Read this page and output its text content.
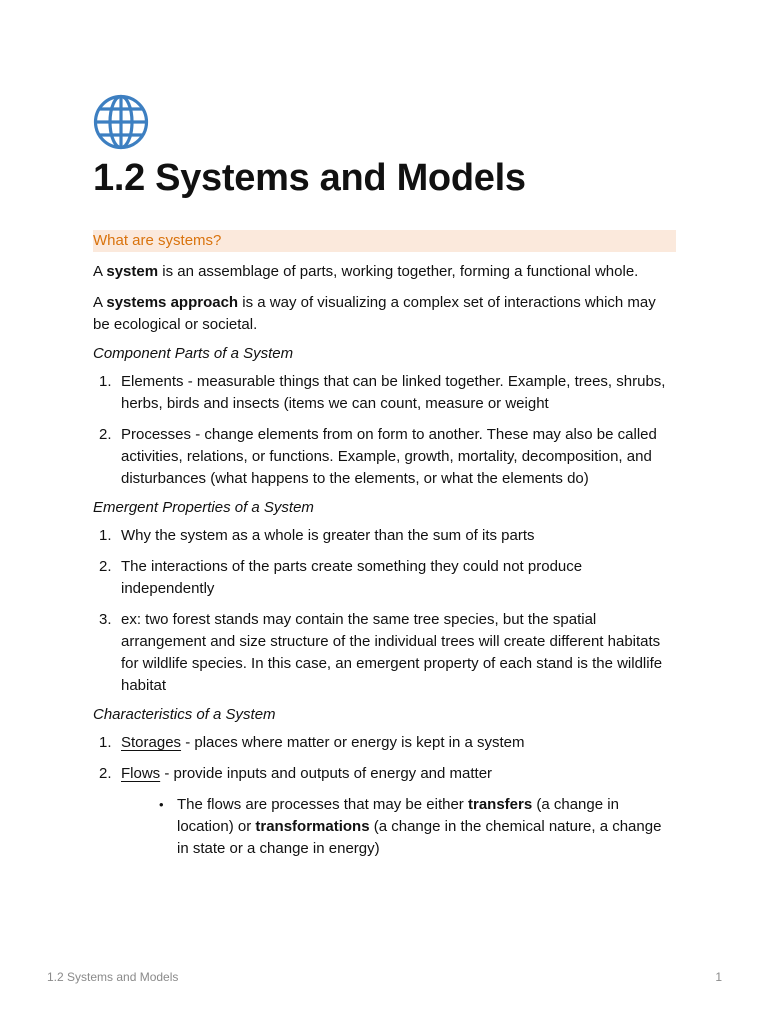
1.2 Systems and Models
What are systems?

A system is an assemblage of parts, working together, forming a functional whole.

A systems approach is a way of visualizing a complex set of interactions which may be ecological or societal.

Component Parts of a System

1. Elements - measurable things that can be linked together. Example, trees, shrubs, herbs, birds and insects (items we can count, measure or weight
2. Processes - change elements from on form to another. These may also be called activities, relations, or functions. Example, growth, mortality, decomposition, and disturbances (what happens to the elements, or what the elements do)

Emergent Properties of a System

1. Why the system as a whole is greater than the sum of its parts
2. The interactions of the parts create something they could not produce independently
3. ex: two forest stands may contain the same tree species, but the spatial arrangement and size structure of the individual trees will create different habitats for wildlife species. In this case, an emergent property of each stand is the wildlife habitat

Characteristics of a System

1. Storages - places where matter or energy is kept in a system
2. Flows - provide inputs and outputs of energy and matter
• The flows are processes that may be either transfers (a change in location) or transformations (a change in the chemical nature, a change in state or a change in energy)
1.2 Systems and Models	1
